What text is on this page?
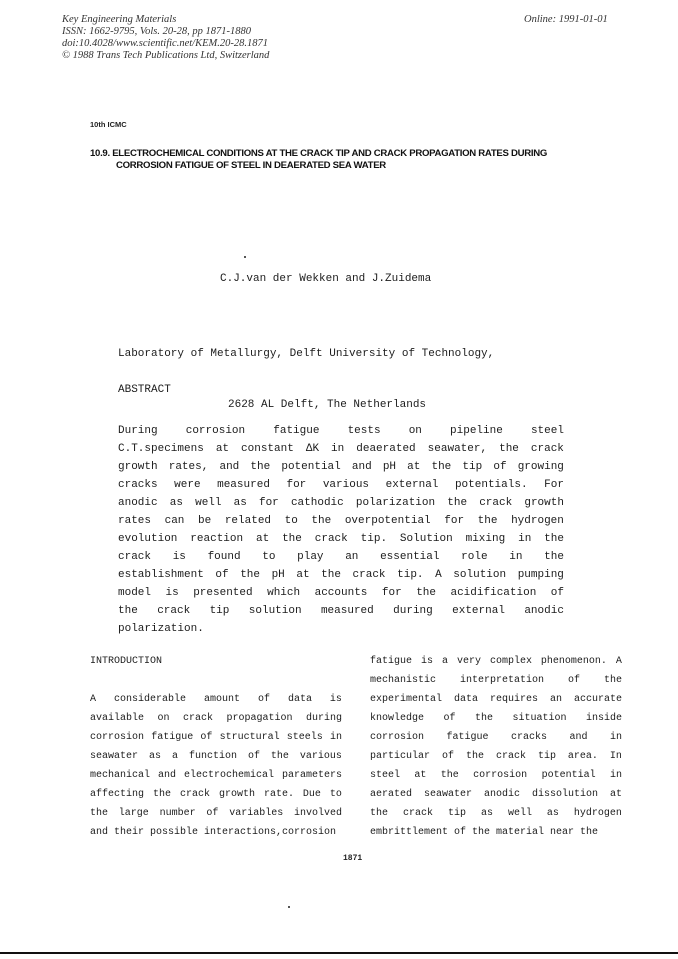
Key Engineering Materials
ISSN: 1662-9795, Vols. 20-28, pp 1871-1880
doi:10.4028/www.scientific.net/KEM.20-28.1871
© 1988 Trans Tech Publications Ltd, Switzerland
Online: 1991-01-01
10th ICMC
10.9. ELECTROCHEMICAL CONDITIONS AT THE CRACK TIP AND CRACK PROPAGATION RATES DURING
CORROSION FATIGUE OF STEEL IN DEAERATED SEA WATER
C.J.van der Wekken and J.Zuidema

Laboratory of Metallurgy, Delft University of Technology,

2628 AL Delft, The Netherlands

ABSTRACT
During	corrosion	fatigue	tests	on	pipeline	steel
C.T.specimens at constant ΔK in deaerated seawater, the crack
growth rates, and the potential and pH at the tip of growing
cracks were measured for various external potentials. For
anodic as well as for cathodic polarization the crack growth
rates can be related to the overpotential for the hydrogen
evolution reaction at the crack tip. Solution mixing in the
crack is found to play an essential role in the
establishment of the pH at the crack tip. A solution pumping
model is presented which accounts for the acidification of
the crack tip solution measured during external anodic
polarization.
INTRODUCTION
A considerable amount of data is
available on crack propagation during
corrosion fatigue of structural steels in
seawater as a function of the various
mechanical and electrochemical parameters
affecting the crack growth rate. Due to
the large number of variables involved
and their possible interactions,corrosion
fatigue is a very complex phenomenon. A
mechanistic interpretation of the
experimental data requires an accurate
knowledge of the situation inside
corrosion fatigue cracks and in
particular of the crack tip area. In
steel at the corrosion potential in
aerated seawater anodic dissolution at
the crack tip as well as hydrogen
embrittlement of the material near the
1871
